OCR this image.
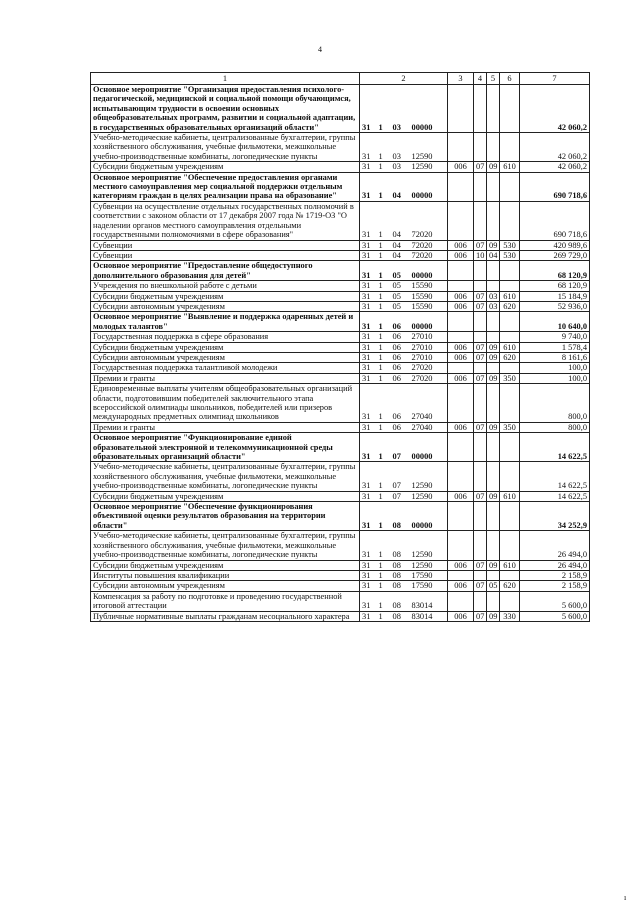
4
1	2				3	4	5	6	7
Основное мероприятие "Организация предоставления психолого-педагогической, медицинской и социальной помощи обучающимся, испытывающим трудности в освоении основных общеобразовательных программ, развитии и социальной адаптации, в государственных образовательных организаций области"	31	1	03	00000					42 060,2
Учебно-методические кабинеты, централизованные бухгалтерии, группы хозяйственного обслуживания, учебные фильмотеки, межшкольные учебно-производственные комбинаты, логопедические пункты	31	1	03	12590					42 060,2
Субсидии бюджетным учреждениям	31	1	03	12590	006	07	09	610	42 060,2
Основное мероприятие "Обеспечение предоставления органами местного самоуправления мер социальной поддержки отдельным категориям граждан в целях реализации права на образование"	31	1	04	00000					690 718,6
Субвенции на осуществление отдельных государственных полномочий в соответствии с законом области от 17 декабря 2007 года № 1719-ОЗ "О наделении органов местного самоуправления отдельными государственными полномочиями в сфере образования"	31	1	04	72020					690 718,6
Субвенции	31	1	04	72020	006	07	09	530	420 989,6
Субвенции	31	1	04	72020	006	10	04	530	269 729,0
Основное мероприятие "Предоставление общедоступного дополнительного образования для детей"	31	1	05	00000					68 120,9
Учреждения по внешкольной работе с детьми	31	1	05	15590					68 120,9
Субсидии бюджетным учреждениям	31	1	05	15590	006	07	03	610	15 184,9
Субсидии автономным учреждениям	31	1	05	15590	006	07	03	620	52 936,0
Основное мероприятие "Выявление и поддержка одаренных детей и молодых талантов"	31	1	06	00000					10 640,0
Государственная поддержка в сфере образования	31	1	06	27010					9 740,0
Субсидии бюджетным учреждениям	31	1	06	27010	006	07	09	610	1 578,4
Субсидии автономным учреждениям	31	1	06	27010	006	07	09	620	8 161,6
Государственная поддержка талантливой молодежи	31	1	06	27020					100,0
Премии и гранты	31	1	06	27020	006	07	09	350	100,0
Единовременные выплаты учителям общеобразовательных организаций области, подготовившим победителей заключительного этапа всероссийской олимпиады школьников, победителей или призеров международных предметных олимпиад школьников	31	1	06	27040					800,0
Премии и гранты	31	1	06	27040	006	07	09	350	800,0
Основное мероприятие "Функционирование единой образовательной электронной и телекоммуникационной среды образовательных организаций области"	31	1	07	00000					14 622,5
Учебно-методические кабинеты, централизованные бухгалтерии, группы хозяйственного обслуживания, учебные фильмотеки, межшкольные учебно-производственные комбинаты, логопедические пункты	31	1	07	12590					14 622,5
Субсидии бюджетным учреждениям	31	1	07	12590	006	07	09	610	14 622,5
Основное мероприятие "Обеспечение функционирования объективной оценки результатов образования на территории области"	31	1	08	00000					34 252,9
Учебно-методические кабинеты, централизованные бухгалтерии, группы хозяйственного обслуживания, учебные фильмотеки, межшкольные учебно-производственные комбинаты, логопедические пункты	31	1	08	12590					26 494,0
Субсидии бюджетным учреждениям	31	1	08	12590	006	07	09	610	26 494,0
Институты повышения квалификации	31	1	08	17590					2 158,9
Субсидии автономным учреждениям	31	1	08	17590	006	07	05	620	2 158,9
Компенсация за работу по подготовке и проведению государственной итоговой аттестации	31	1	08	83014					5 600,0
Публичные нормативные выплаты гражданам несоциального характера	31	1	08	83014	006	07	09	330	5 600,0
ı
